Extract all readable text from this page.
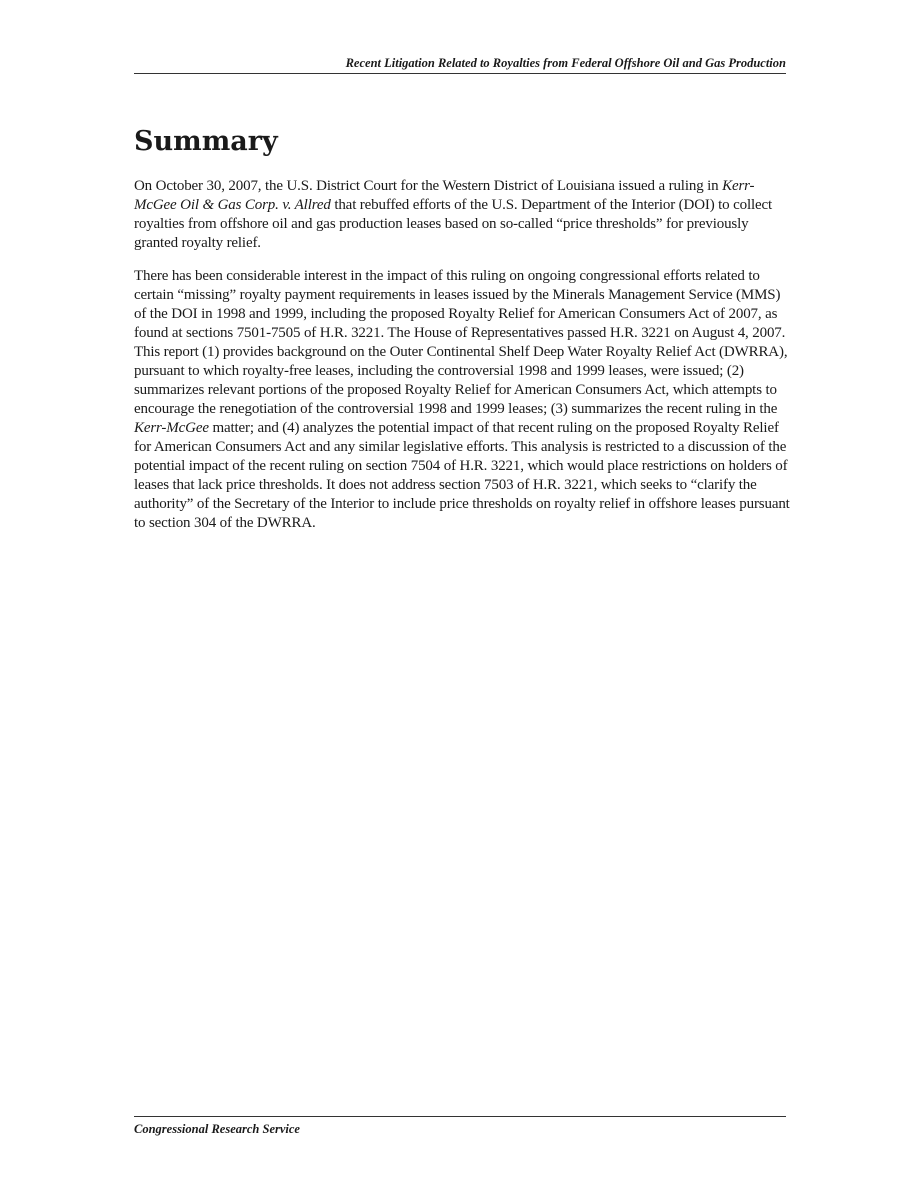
Recent Litigation Related to Royalties from Federal Offshore Oil and Gas Production
Summary

On October 30, 2007, the U.S. District Court for the Western District of Louisiana issued a ruling in Kerr-McGee Oil & Gas Corp. v. Allred that rebuffed efforts of the U.S. Department of the Interior (DOI) to collect royalties from offshore oil and gas production leases based on so-called “price thresholds” for previously granted royalty relief.

There has been considerable interest in the impact of this ruling on ongoing congressional efforts related to certain “missing” royalty payment requirements in leases issued by the Minerals Management Service (MMS) of the DOI in 1998 and 1999, including the proposed Royalty Relief for American Consumers Act of 2007, as found at sections 7501-7505 of H.R. 3221. The House of Representatives passed H.R. 3221 on August 4, 2007. This report (1) provides background on the Outer Continental Shelf Deep Water Royalty Relief Act (DWRRA), pursuant to which royalty-free leases, including the controversial 1998 and 1999 leases, were issued; (2) summarizes relevant portions of the proposed Royalty Relief for American Consumers Act, which attempts to encourage the renegotiation of the controversial 1998 and 1999 leases; (3) summarizes the recent ruling in the Kerr-McGee matter; and (4) analyzes the potential impact of that recent ruling on the proposed Royalty Relief for American Consumers Act and any similar legislative efforts. This analysis is restricted to a discussion of the potential impact of the recent ruling on section 7504 of H.R. 3221, which would place restrictions on holders of leases that lack price thresholds. It does not address section 7503 of H.R. 3221, which seeks to “clarify the authority” of the Secretary of the Interior to include price thresholds on royalty relief in offshore leases pursuant to section 304 of the DWRRA.

Congressional Research Service
